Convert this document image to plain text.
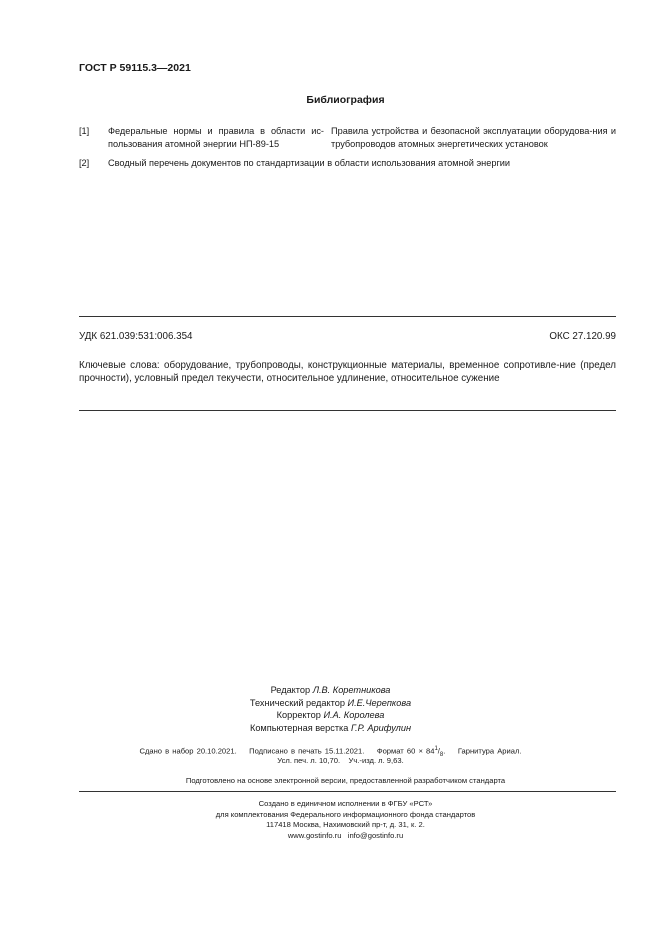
ГОСТ Р 59115.3—2021
Библиография
[1] Федеральные нормы и правила в области ис-пользования атомной энергии НП-89-15
Правила устройства и безопасной эксплуатации оборудова-ния и трубопроводов атомных энергетических установок
[2] Сводный перечень документов по стандартизации в области использования атомной энергии
УДК 621.039:531:006.354	ОКС 27.120.99
Ключевые слова: оборудование, трубопроводы, конструкционные материалы, временное сопротивле-ние (предел прочности), условный предел текучести, относительное удлинение, относительное сужение
Редактор Л.В. Коретникова
Технический редактор И.Е.Черепкова
Корректор И.А. Королева
Компьютерная верстка Г.Р. Арифулин
Сдано в набор 20.10.2021. Подписано в печать 15.11.2021. Формат $60 \times 84^1/_8$.    Гарнитура Ариал.
Усл. печ. л. 10,70. Уч.-изд. л. 9,63.
Подготовлено на основе электронной версии, предоставленной разработчиком стандарта
Создано в единичном исполнении в ФГБУ «РСТ»
для комплектования Федерального информационного фонда стандартов
117418 Москва, Нахимовский пр-т, д. 31, к. 2.
www.gostinfo.ru info@gostinfo.ru
